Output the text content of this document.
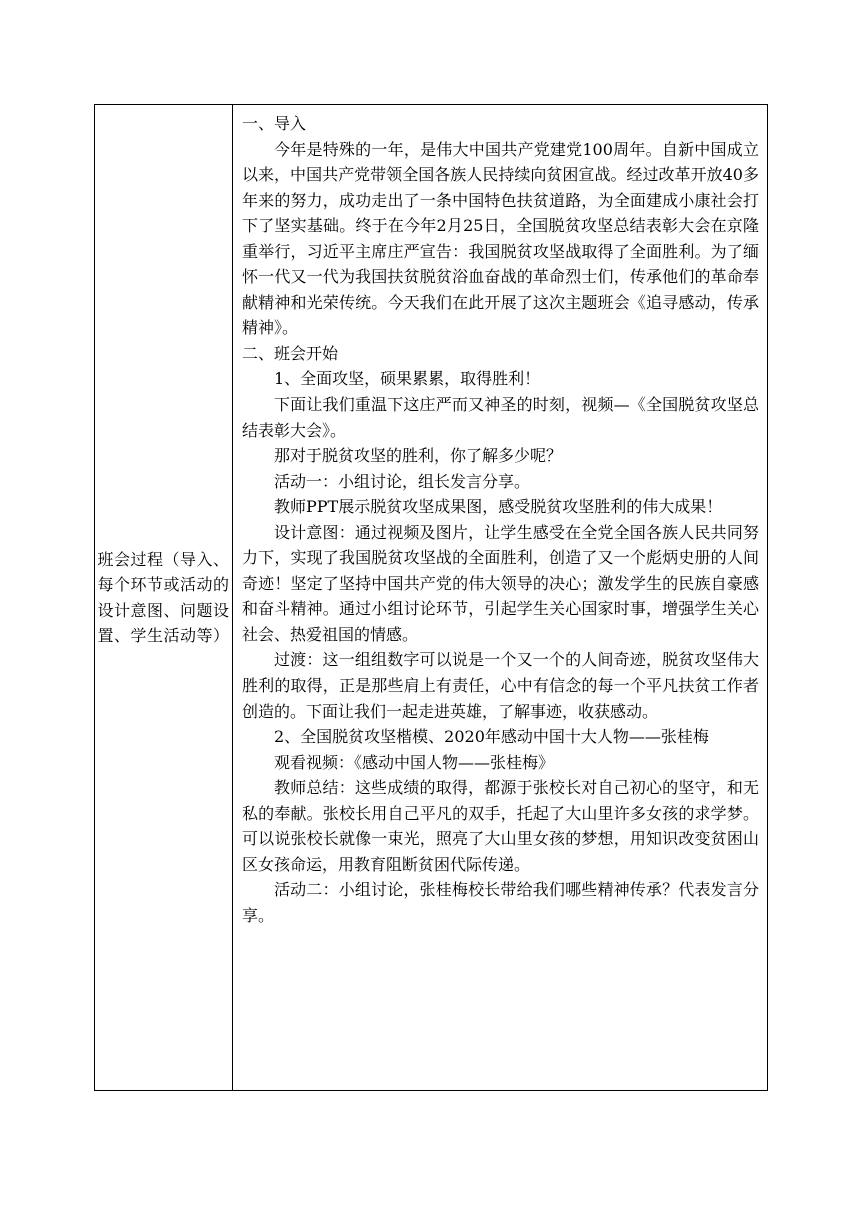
班会过程（导入、每个环节或活动的设计意图、问题设置、学生活动等）

一、导入

今年是特殊的一年，是伟大中国共产党建党100周年。自新中国成立以来，中国共产党带领全国各族人民持续向贫困宣战。经过改革开放40多年来的努力，成功走出了一条中国特色扶贫道路，为全面建成小康社会打下了坚实基础。终于在今年2月25日，全国脱贫攻坚总结表彰大会在京隆重举行，习近平主席庄严宣告：我国脱贫攻坚战取得了全面胜利。为了缅怀一代又一代为我国扶贫脱贫浴血奋战的革命烈士们，传承他们的革命奉献精神和光荣传统。今天我们在此开展了这次主题班会《追寻感动，传承精神》。

二、班会开始

1、全面攻坚，硕果累累，取得胜利！

下面让我们重温下这庄严而又神圣的时刻，视频—《全国脱贫攻坚总结表彰大会》。

那对于脱贫攻坚的胜利，你了解多少呢？

活动一：小组讨论，组长发言分享。

教师PPT展示脱贫攻坚成果图，感受脱贫攻坚胜利的伟大成果！

设计意图：通过视频及图片，让学生感受在全党全国各族人民共同努力下，实现了我国脱贫攻坚战的全面胜利，创造了又一个彪炳史册的人间奇迹！坚定了坚持中国共产党的伟大领导的决心；激发学生的民族自豪感和奋斗精神。通过小组讨论环节，引起学生关心国家时事，增强学生关心社会、热爱祖国的情感。

过渡：这一组组数字可以说是一个又一个的人间奇迹，脱贫攻坚伟大胜利的取得，正是那些肩上有责任，心中有信念的每一个平凡扶贫工作者创造的。下面让我们一起走进英雄，了解事迹，收获感动。

2、全国脱贫攻坚楷模、2020年感动中国十大人物——张桂梅

观看视频：《感动中国人物——张桂梅》

教师总结：这些成绩的取得，都源于张校长对自己初心的坚守，和无私的奉献。张校长用自己平凡的双手，托起了大山里许多女孩的求学梦。可以说张校长就像一束光，照亮了大山里女孩的梦想，用知识改变贫困山区女孩命运，用教育阻断贫困代际传递。

活动二：小组讨论，张桂梅校长带给我们哪些精神传承？代表发言分享。
